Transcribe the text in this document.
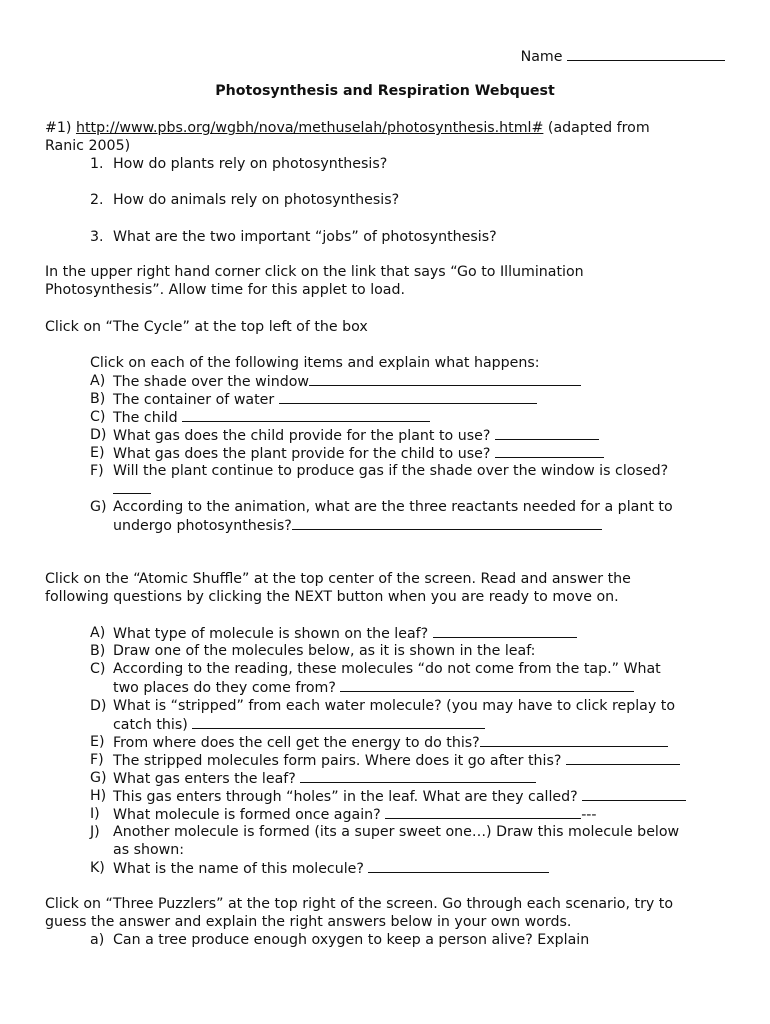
Name
Photosynthesis and Respiration Webquest
#1) http://www.pbs.org/wgbh/nova/methuselah/photosynthesis.html# (adapted from
Ranic 2005)
1. How do plants rely on photosynthesis?
2. How do animals rely on photosynthesis?
3. What are the two important “jobs” of photosynthesis?
In the upper right hand corner click on the link that says “Go to Illumination
Photosynthesis”. Allow time for this applet to load.
Click on “The Cycle” at the top left of the box
Click on each of the following items and explain what happens:
A) The shade over the window
B) The container of water
C) The child
D) What gas does the child provide for the plant to use?
E) What gas does the plant provide for the child to use?
F) Will the plant continue to produce gas if the shade over the window is closed?
G) According to the animation, what are the three reactants needed for a plant to
undergo photosynthesis?
Click on the “Atomic Shuffle” at the top center of the screen. Read and answer the
following questions by clicking the NEXT button when you are ready to move on.
A) What type of molecule is shown on the leaf?
B) Draw one of the molecules below, as it is shown in the leaf:
C) According to the reading, these molecules “do not come from the tap.” What
two places do they come from?
D) What is “stripped” from each water molecule? (you may have to click replay to
catch this)
E) From where does the cell get the energy to do this?
F) The stripped molecules form pairs. Where does it go after this?
G) What gas enters the leaf?
H) This gas enters through “holes” in the leaf. What are they called?
I) What molecule is formed once again?	---
J) Another molecule is formed (its a super sweet one…) Draw this molecule below
as shown:
K) What is the name of this molecule?
Click on “Three Puzzlers” at the top right of the screen. Go through each scenario, try to
guess the answer and explain the right answers below in your own words.
a) Can a tree produce enough oxygen to keep a person alive? Explain
